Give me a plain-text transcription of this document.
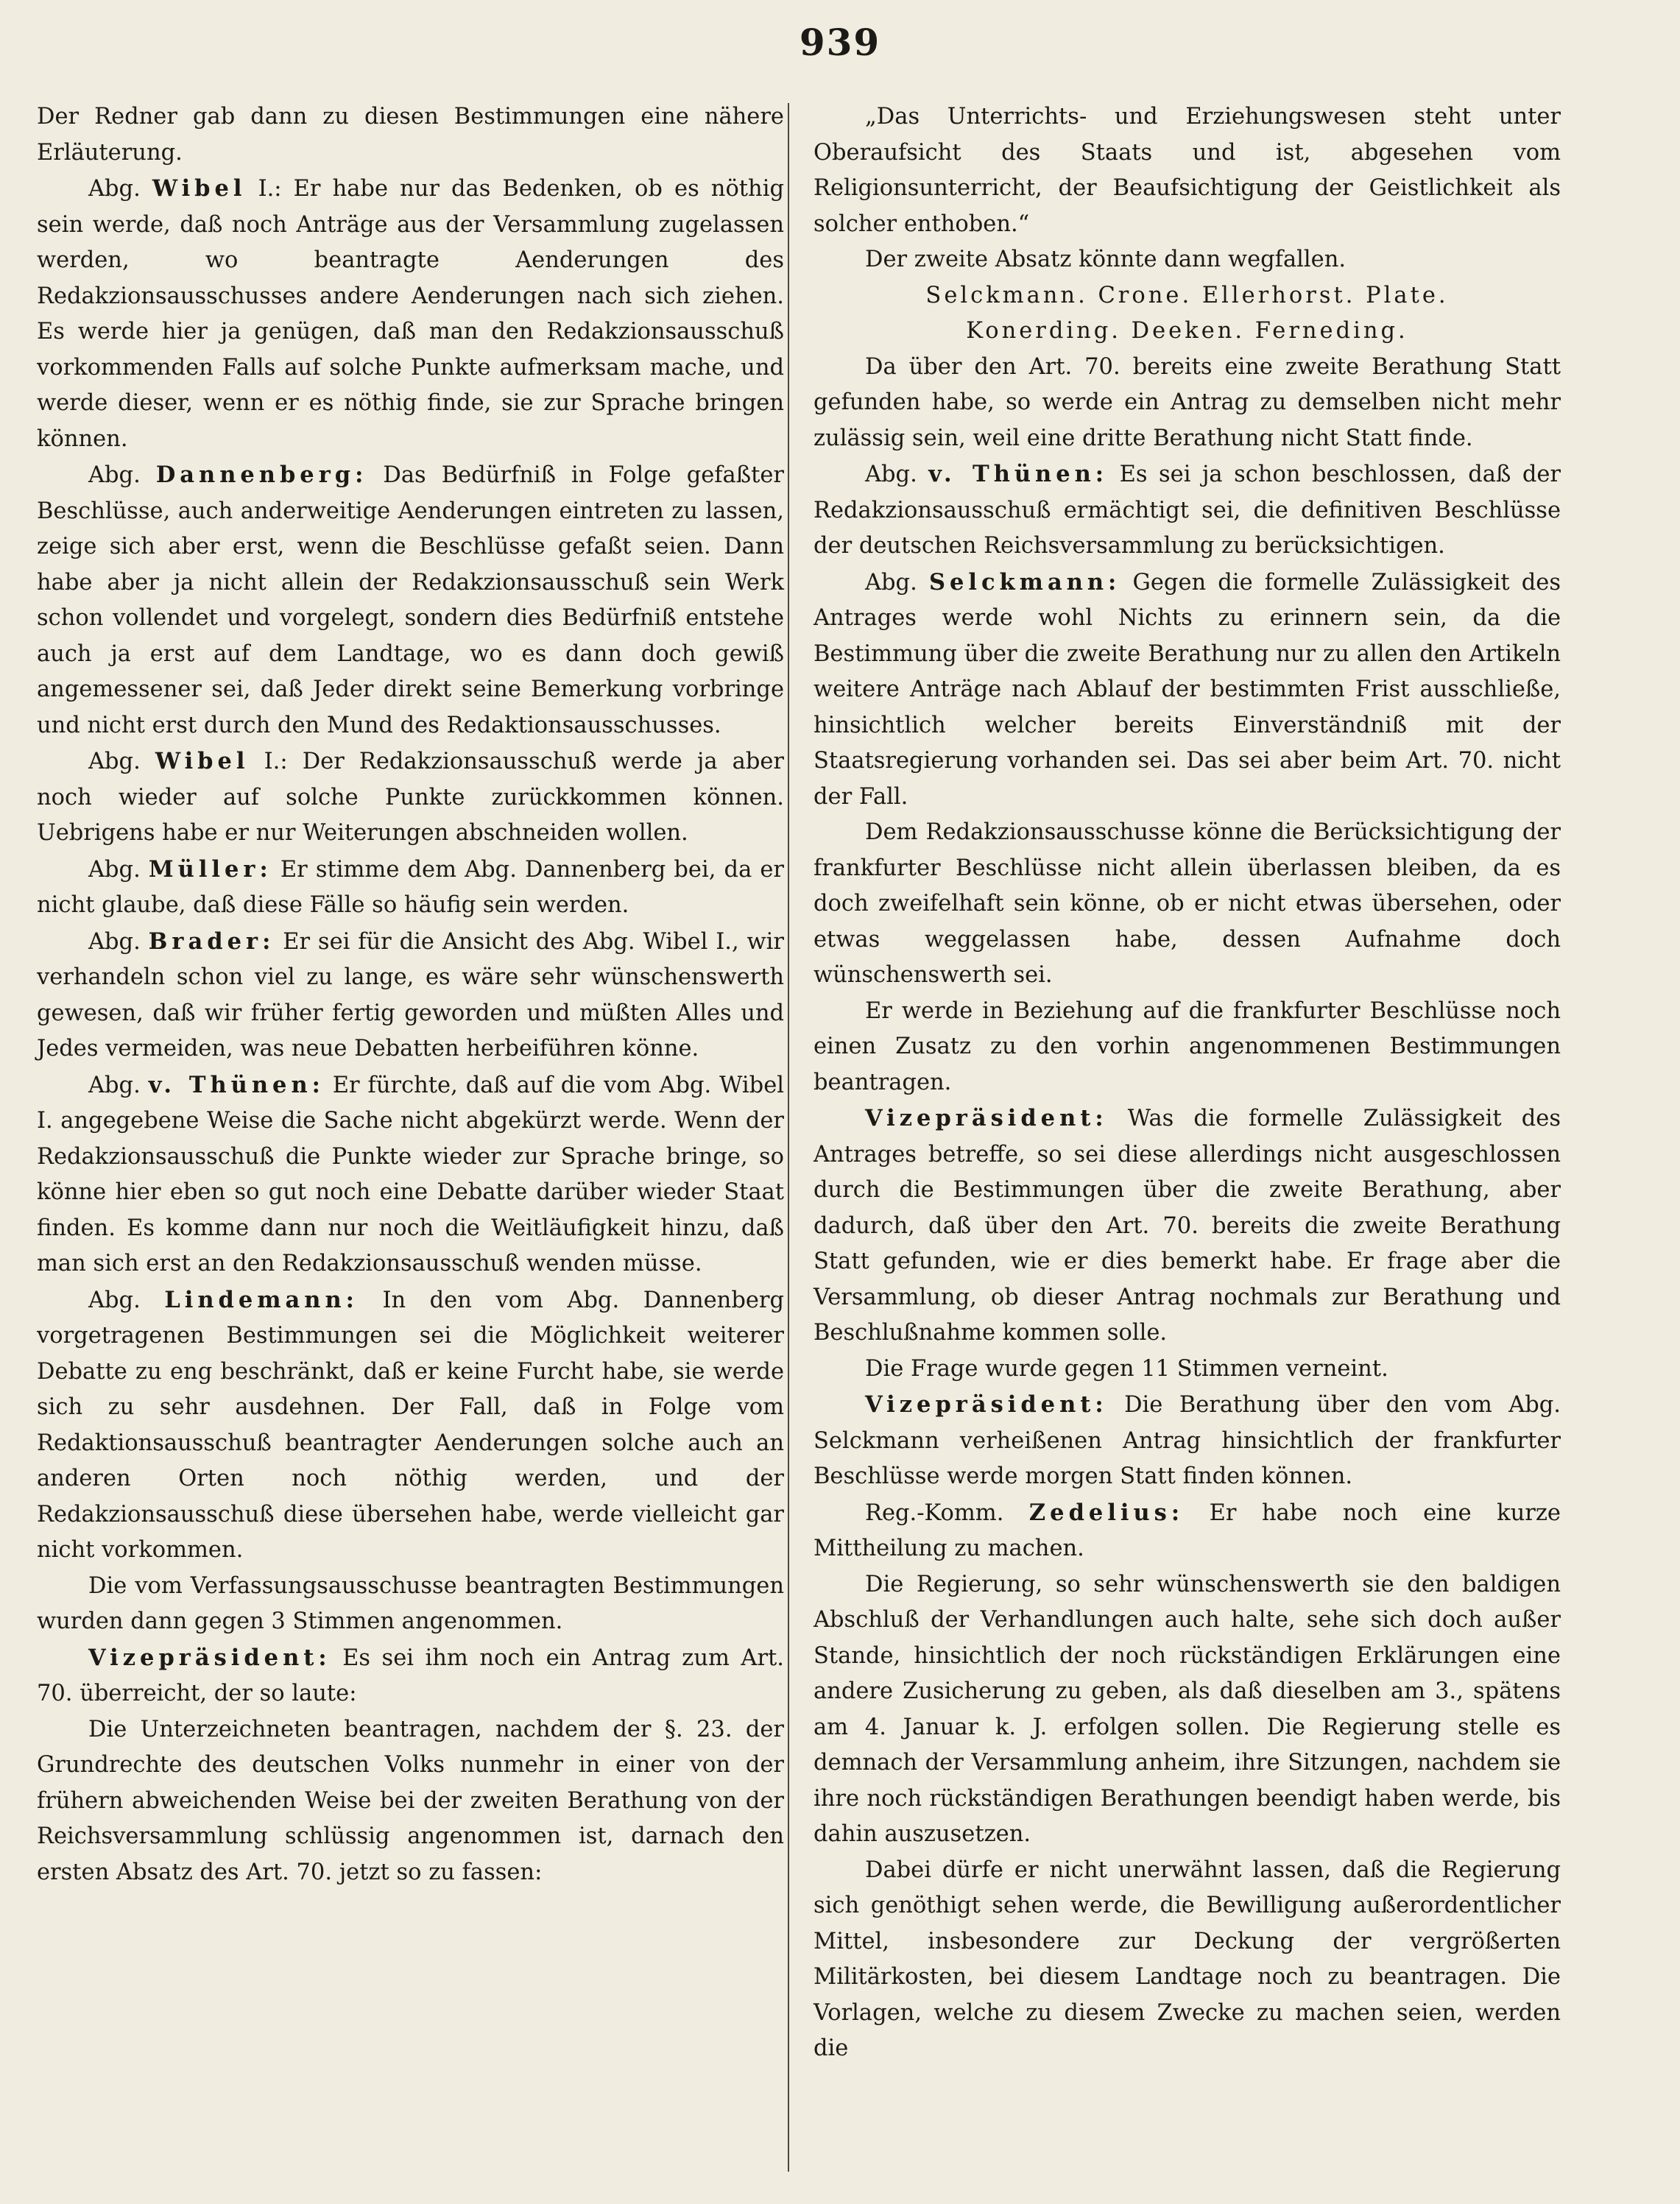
939

Der Redner gab dann zu diesen Bestimmungen eine nähere Erläuterung.

Abg. Wibel I.: Er habe nur das Bedenken, ob es nöthig sein werde, daß noch Anträge aus der Versammlung zugelassen werden, wo beantragte Aenderungen des Redakzionsausschusses andere Aenderungen nach sich ziehen. Es werde hier ja genügen, daß man den Redakzionsausschuß vorkommenden Falls auf solche Punkte aufmerksam mache, und werde dieser, wenn er es nöthig finde, sie zur Sprache bringen können.

Abg. Dannenberg: Das Bedürfniß in Folge gefaßter Beschlüsse, auch anderweitige Aenderungen eintreten zu lassen, zeige sich aber erst, wenn die Beschlüsse gefaßt seien. Dann habe aber ja nicht allein der Redakzionsausschuß sein Werk schon vollendet und vorgelegt, sondern dies Bedürfniß entstehe auch ja erst auf dem Landtage, wo es dann doch gewiß angemessener sei, daß Jeder direkt seine Bemerkung vorbringe und nicht erst durch den Mund des Redaktionsausschusses.

Abg. Wibel I.: Der Redakzionsausschuß werde ja aber noch wieder auf solche Punkte zurückkommen können. Uebrigens habe er nur Weiterungen abschneiden wollen.

Abg. Müller: Er stimme dem Abg. Dannenberg bei, da er nicht glaube, daß diese Fälle so häufig sein werden.

Abg. Brader: Er sei für die Ansicht des Abg. Wibel I., wir verhandeln schon viel zu lange, es wäre sehr wünschenswerth gewesen, daß wir früher fertig geworden und müßten Alles und Jedes vermeiden, was neue Debatten herbeiführen könne.

Abg. v. Thünen: Er fürchte, daß auf die vom Abg. Wibel I. angegebene Weise die Sache nicht abgekürzt werde. Wenn der Redakzionsausschuß die Punkte wieder zur Sprache bringe, so könne hier eben so gut noch eine Debatte darüber wieder Staat finden. Es komme dann nur noch die Weitläufigkeit hinzu, daß man sich erst an den Redakzionsausschuß wenden müsse.

Abg. Lindemann: In den vom Abg. Dannenberg vorgetragenen Bestimmungen sei die Möglichkeit weiterer Debatte zu eng beschränkt, daß er keine Furcht habe, sie werde sich zu sehr ausdehnen. Der Fall, daß in Folge vom Redaktionsausschuß beantragter Aenderungen solche auch an anderen Orten noch nöthig werden, und der Redakzionsausschuß diese übersehen habe, werde vielleicht gar nicht vorkommen.

Die vom Verfassungsausschusse beantragten Bestimmungen wurden dann gegen 3 Stimmen angenommen.

Vizepräsident: Es sei ihm noch ein Antrag zum Art. 70. überreicht, der so laute:

Die Unterzeichneten beantragen, nachdem der §. 23. der Grundrechte des deutschen Volks nunmehr in einer von der frühern abweichenden Weise bei der zweiten Berathung von der Reichsversammlung schlüssig angenommen ist, darnach den ersten Absatz des Art. 70. jetzt so zu fassen:

„Das Unterrichts- und Erziehungswesen steht unter Oberaufsicht des Staats und ist, abgesehen vom Religionsunterricht, der Beaufsichtigung der Geistlichkeit als solcher enthoben.“

Der zweite Absatz könnte dann wegfallen.

Selckmann. Crone. Ellerhorst. Plate.

Konerding. Deeken. Ferneding.

Da über den Art. 70. bereits eine zweite Berathung Statt gefunden habe, so werde ein Antrag zu demselben nicht mehr zulässig sein, weil eine dritte Berathung nicht Statt finde.

Abg. v. Thünen: Es sei ja schon beschlossen, daß der Redakzionsausschuß ermächtigt sei, die definitiven Beschlüsse der deutschen Reichsversammlung zu berücksichtigen.

Abg. Selckmann: Gegen die formelle Zulässigkeit des Antrages werde wohl Nichts zu erinnern sein, da die Bestimmung über die zweite Berathung nur zu allen den Artikeln weitere Anträge nach Ablauf der bestimmten Frist ausschließe, hinsichtlich welcher bereits Einverständniß mit der Staatsregierung vorhanden sei. Das sei aber beim Art. 70. nicht der Fall.

Dem Redakzionsausschusse könne die Berücksichtigung der frankfurter Beschlüsse nicht allein überlassen bleiben, da es doch zweifelhaft sein könne, ob er nicht etwas übersehen, oder etwas weggelassen habe, dessen Aufnahme doch wünschenswerth sei.

Er werde in Beziehung auf die frankfurter Beschlüsse noch einen Zusatz zu den vorhin angenommenen Bestimmungen beantragen.

Vizepräsident: Was die formelle Zulässigkeit des Antrages betreffe, so sei diese allerdings nicht ausgeschlossen durch die Bestimmungen über die zweite Berathung, aber dadurch, daß über den Art. 70. bereits die zweite Berathung Statt gefunden, wie er dies bemerkt habe. Er frage aber die Versammlung, ob dieser Antrag nochmals zur Berathung und Beschlußnahme kommen solle.

Die Frage wurde gegen 11 Stimmen verneint.

Vizepräsident: Die Berathung über den vom Abg. Selckmann verheißenen Antrag hinsichtlich der frankfurter Beschlüsse werde morgen Statt finden können.

Reg.-Komm. Zedelius: Er habe noch eine kurze Mittheilung zu machen.

Die Regierung, so sehr wünschenswerth sie den baldigen Abschluß der Verhandlungen auch halte, sehe sich doch außer Stande, hinsichtlich der noch rückständigen Erklärungen eine andere Zusicherung zu geben, als daß dieselben am 3., spätens am 4. Januar k. J. erfolgen sollen. Die Regierung stelle es demnach der Versammlung anheim, ihre Sitzungen, nachdem sie ihre noch rückständigen Berathungen beendigt haben werde, bis dahin auszusetzen.

Dabei dürfe er nicht unerwähnt lassen, daß die Regierung sich genöthigt sehen werde, die Bewilligung außerordentlicher Mittel, insbesondere zur Deckung der vergrößerten Militärkosten, bei diesem Landtage noch zu beantragen. Die Vorlagen, welche zu diesem Zwecke zu machen seien, werden die
